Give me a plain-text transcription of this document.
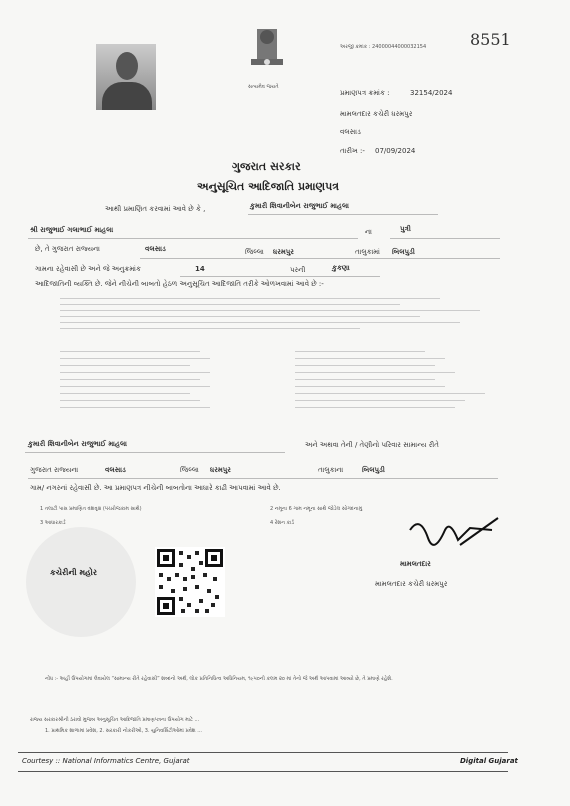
સત્યમેવ જયતે
8551
અરજી ક્રમાંક : 24000044000032154
પ્રમાણપત્ર ક્રમાંક :	32154/2024
મામલતદાર કચેરી ધરમપુર
વલસાડ
તારીખ :- 07/09/2024
ગુજરાત સરકાર
અનુસૂચિત આદિજાતિ પ્રમાણપત્ર
આથી પ્રમાણિત કરવામાં આવે છે કે ,	કુમારી શિવાનીબેન રાજુભાઈ માહલા
શ્રી રાજુભાઈ ગલાભાઈ માહલા	ના	પુત્રી
છે, તે ગુજરાત રાજ્યના	વલસાડ	જિલ્લા ધરમપુર	તાલુકામાં બિલપુડી
ગામના રહેવાસી છે અને જે અનુક્રમાંક	14	પરની	કુકણા
આદિજાતિની વ્યક્તિ છે. જેને નીચેની બાબતો હેઠળ અનુસૂચિત આદિજાતિ તરીકે ઓળખવામાં આવે છે :-
કુમારી શિવાનીબેન રાજુભાઈ માહલા	અને અથવા તેની / તેણીનો પરિવાર સામાન્ય રીતે
ગુજરાત રાજ્યના	વલસાડ	જિલ્લા ધરમપુર	તાલુકાના	બિલપુડી
ગામ/ નગરનાં રહેવાસી છે. આ પ્રમાણપત્ર નીચેની બાબતોના આધારે કાઢી આપવામાં આવે છે.
1 તલાટી પાસ પ્રમાણિત વંશવૃક્ષ (પંચરોજકામ સાથે)	2 નમૂના 6 ગામ નમૂના સાથે જોડેલ સોગંદનામું
3 આધારકાર્ડ	4 રેશન કાર્ડ
કચેરીની મહોર
મામલતદાર
મામલતદાર કચેરી ધરમપુર
નોંધ :- અહીં ઉપયોગમાં લેવાયેલ “સામાન્ય રીતે રહેવાસી” શબ્દનો અર્થ, લોક પ્રતિનિધિત્વ અધિનિયમ, ૧૯૫૦ની કલમ ૨૦ માં તેનો જે અર્થ આપવામાં આવ્યો છે, તે પ્રમાણે રહેશે.
રાજ્ય સરકારશ્રીની ઠરાવો મુજબ અનુસૂચિત આદિજાતિ પ્રમાણપત્રના ઉપયોગ માટે ...
1. પ્રાથમિક શાળામાં પ્રવેશ, 2. સરકારી નોકરીઓ, 3. યુનિવર્સિટીઓમાં પ્રવેશ ...
Courtesy :: National Informatics Centre, Gujarat	Digital Gujarat
